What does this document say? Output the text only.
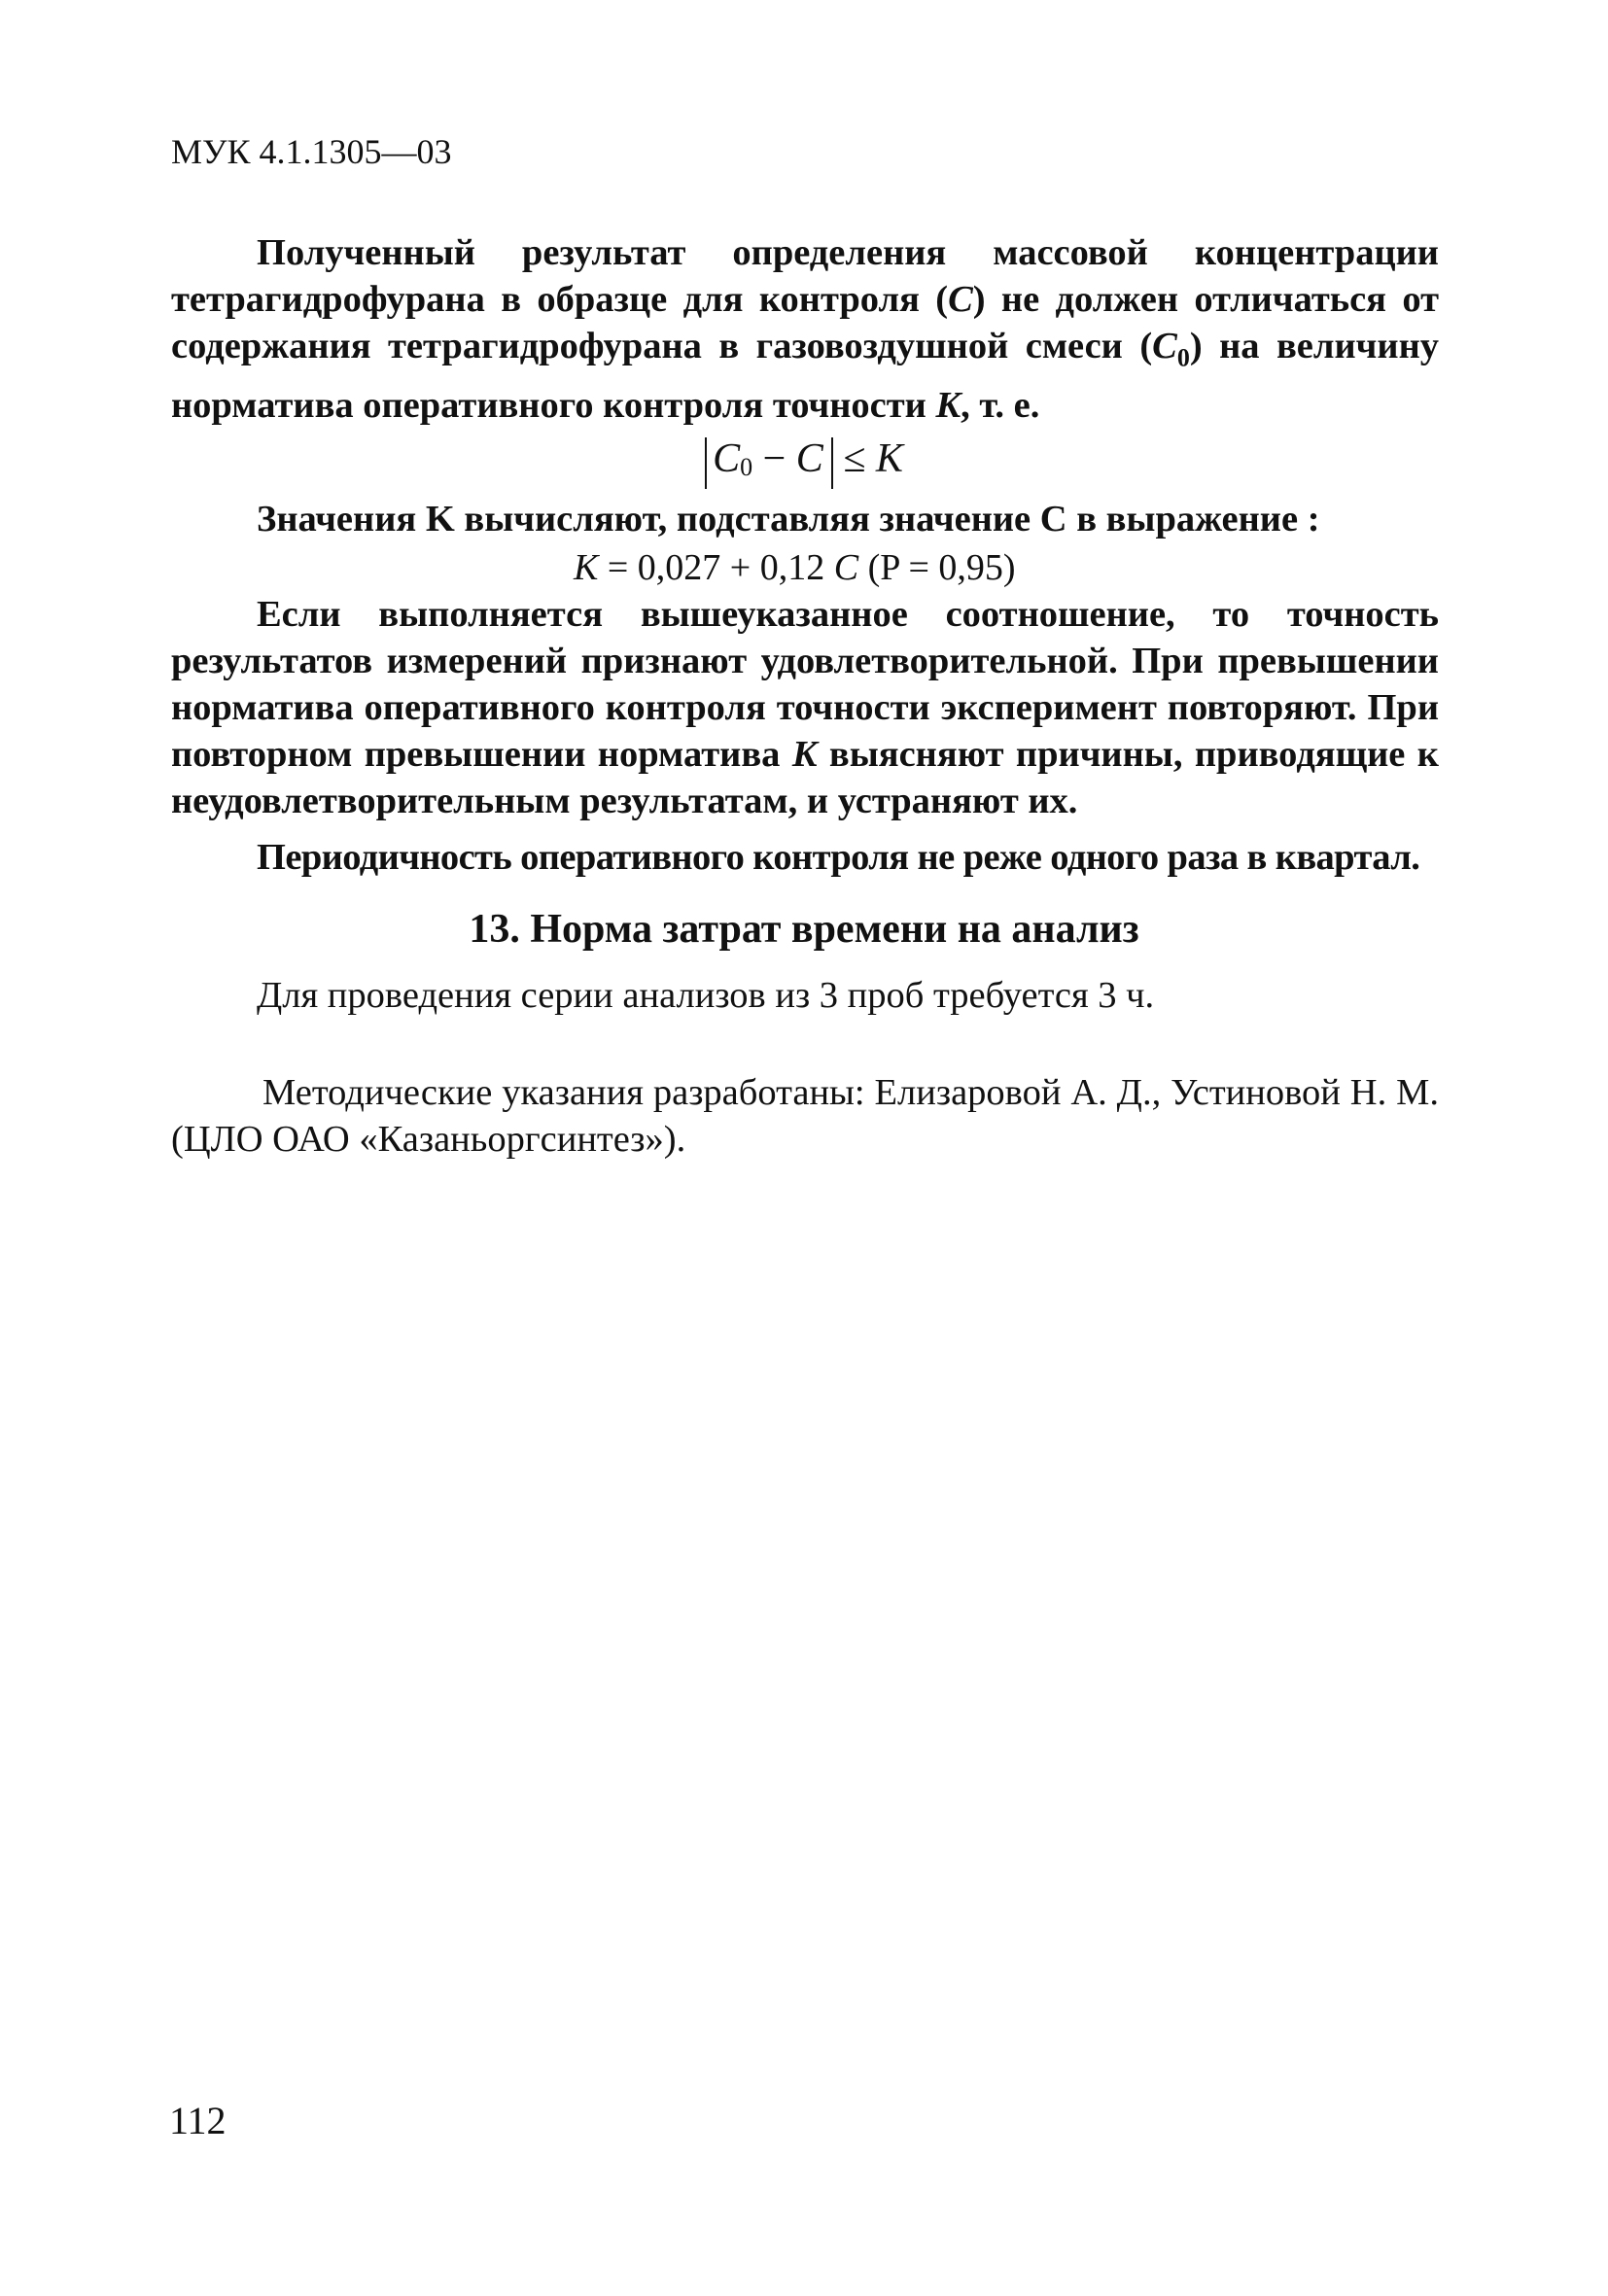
МУК 4.1.1305—03

Полученный результат определения массовой концентрации тетрагидрофурана в образце для контроля (C) не должен отличаться от содержания тетрагидрофурана в газовоздушной смеси $(C_0)$ на величину норматива оперативного контроля точности K, т. е.

$C_0 - C \le K$

Значения K вычисляют, подставляя значение C в выражение :

K = 0,027 + 0,12 C (P = 0,95)

Если выполняется вышеуказанное соотношение, то точность результатов измерений признают удовлетворительной. При превышении норматива оперативного контроля точности эксперимент повторяют. При повторном превышении норматива K выясняют причины, приводящие к неудовлетворительным результатам, и устраняют их.

Периодичность оперативного контроля не реже одного раза в квартал.

13. Норма затрат времени на анализ

Для проведения серии анализов из 3 проб требуется 3 ч.

Методические указания разработаны: Елизаровой А. Д., Устиновой Н. М. (ЦЛО ОАО «Казаньоргсинтез»).

112
